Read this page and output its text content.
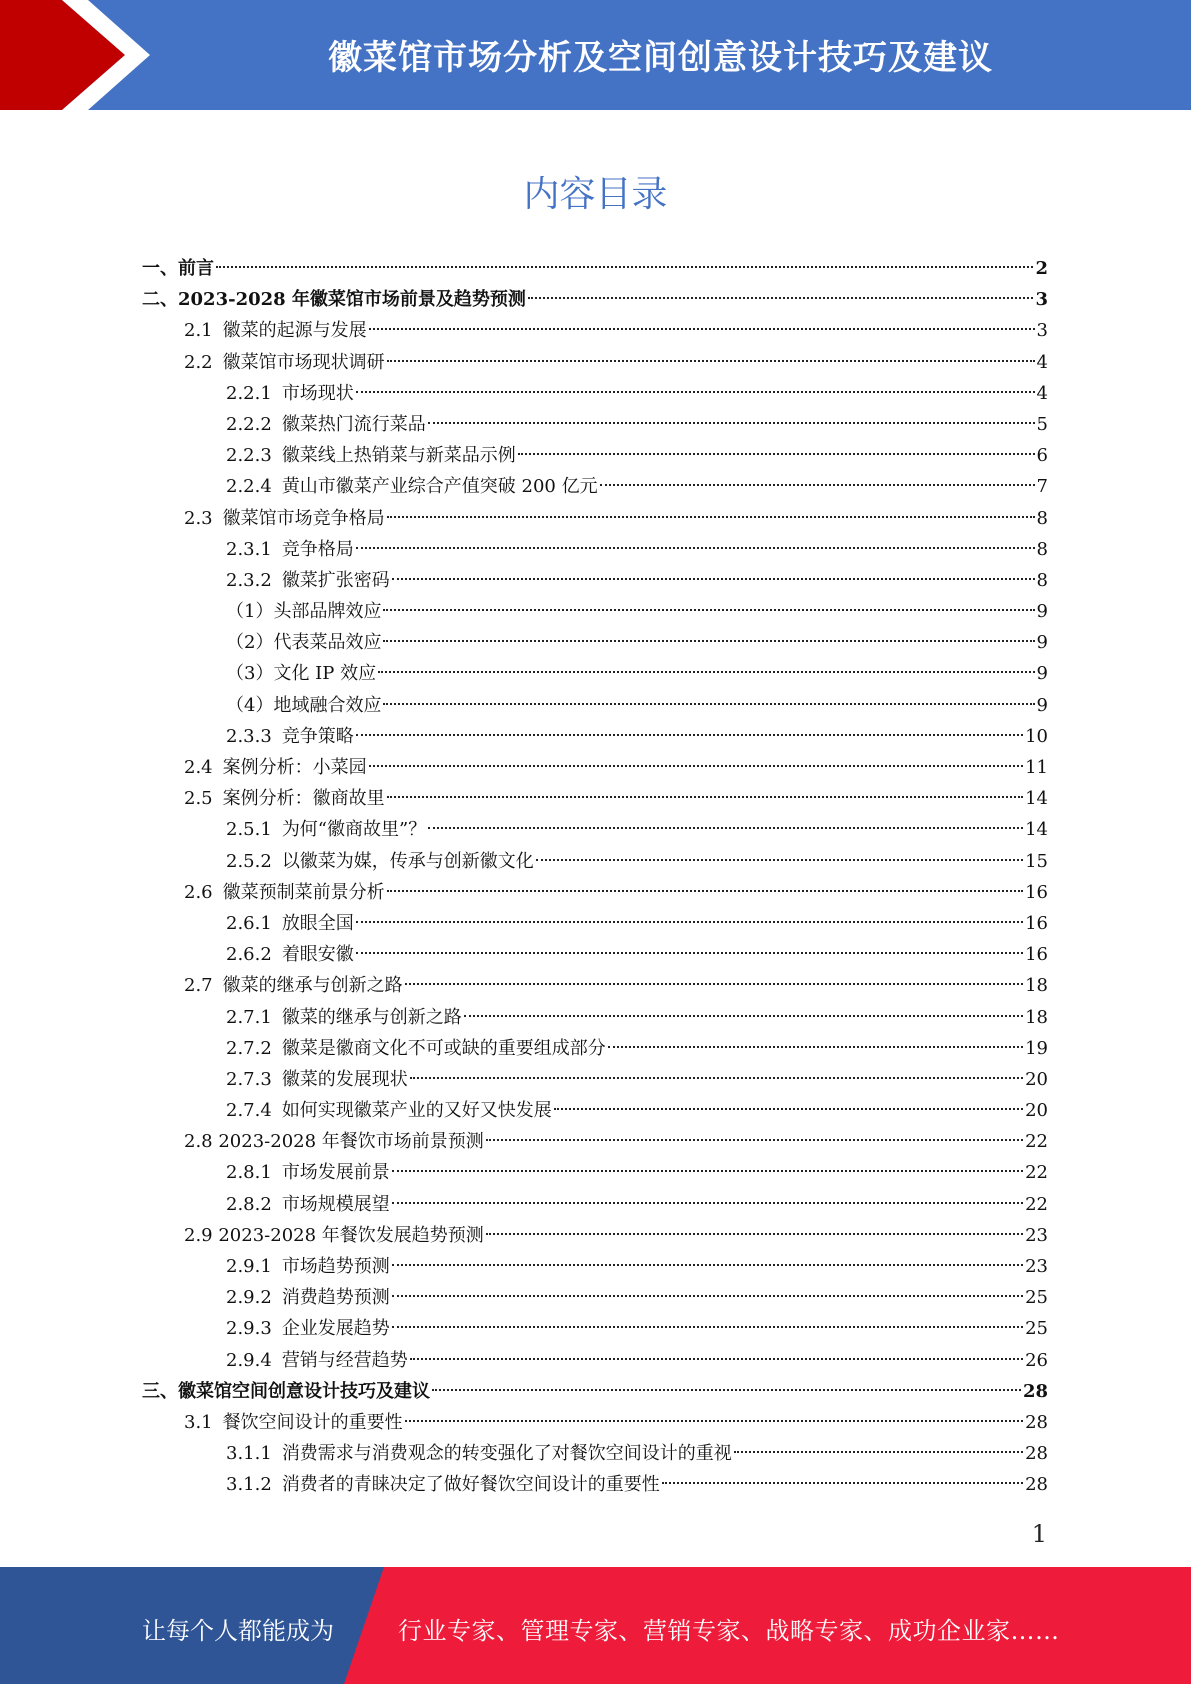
徽菜馆市场分析及空间创意设计技巧及建议
内容目录
一、前言	2
二、2023-2028 年徽菜馆市场前景及趋势预测	3
2.1 徽菜的起源与发展	3
2.2 徽菜馆市场现状调研	4
2.2.1 市场现状	4
2.2.2 徽菜热门流行菜品	5
2.2.3 徽菜线上热销菜与新菜品示例	6
2.2.4 黄山市徽菜产业综合产值突破 200 亿元	7
2.3 徽菜馆市场竞争格局	8
2.3.1 竞争格局	8
2.3.2 徽菜扩张密码	8
（1）头部品牌效应	9
（2）代表菜品效应	9
（3）文化 IP 效应	9
（4）地域融合效应	9
2.3.3 竞争策略	10
2.4 案例分析：小菜园	11
2.5 案例分析：徽商故里	14
2.5.1 为何“徽商故里”？	14
2.5.2 以徽菜为媒，传承与创新徽文化	15
2.6 徽菜预制菜前景分析	16
2.6.1 放眼全国	16
2.6.2 着眼安徽	16
2.7 徽菜的继承与创新之路	18
2.7.1 徽菜的继承与创新之路	18
2.7.2 徽菜是徽商文化不可或缺的重要组成部分	19
2.7.3 徽菜的发展现状	20
2.7.4 如何实现徽菜产业的又好又快发展	20
2.8 2023-2028 年餐饮市场前景预测	22
2.8.1 市场发展前景	22
2.8.2 市场规模展望	22
2.9 2023-2028 年餐饮发展趋势预测	23
2.9.1 市场趋势预测	23
2.9.2 消费趋势预测	25
2.9.3 企业发展趋势	25
2.9.4 营销与经营趋势	26
三、徽菜馆空间创意设计技巧及建议	28
3.1 餐饮空间设计的重要性	28
3.1.1 消费需求与消费观念的转变强化了对餐饮空间设计的重视	28
3.1.2 消费者的青睐决定了做好餐饮空间设计的重要性	28
1
让每个人都能成为	行业专家、管理专家、营销专家、战略专家、成功企业家……
